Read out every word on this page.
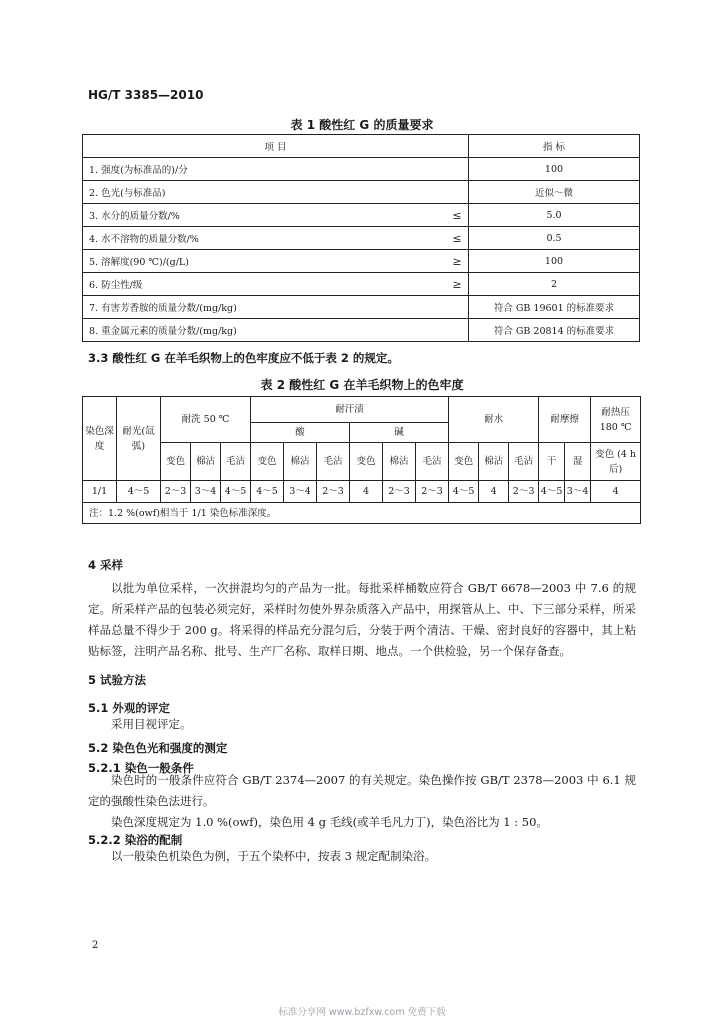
HG/T 3385—2010
表 1 酸性红 G 的质量要求
项 目		指 标
1. 强度(为标准品的)/分		100
2. 色光(与标准品)		近似～微
3. 水分的质量分数/%	≤	5.0
4. 水不溶物的质量分数/%	≤	0.5
5. 溶解度(90 ℃)/(g/L)	≥	100
6. 防尘性/级	≥	2
7. 有害芳香胺的质量分数/(mg/kg)		符合 GB 19601 的标准要求
8. 重金属元素的质量分数/(mg/kg)		符合 GB 20814 的标准要求
3.3 酸性红 G 在羊毛织物上的色牢度应不低于表 2 的规定。
表 2 酸性红 G 在羊毛织物上的色牢度
染色深度	耐光(氙弧)	耐洗 50 ℃			耐汗渍						耐水			耐摩擦		耐热压 180 ℃
					酸			碱								
		变色	棉沾	毛沾	变色	棉沾	毛沾	变色	棉沾	毛沾	变色	棉沾	毛沾	干	湿	变色 (4 h后)
1/1	4～5	2～3	3～4	4～5	4～5	3～4	2～3	4	2～3	2～3	4～5	4	2～3	4～5	3～4	4
注：1.2 %(owf)相当于 1/1 染色标准深度。																
4 采样

以批为单位采样，一次拼混均匀的产品为一批。每批采样桶数应符合 GB/T 6678—2003 中 7.6 的规定。所采样产品的包装必须完好，采样时勿使外界杂质落入产品中，用探管从上、中、下三部分采样，所采样品总量不得少于 200 g。将采得的样品充分混匀后，分装于两个清洁、干燥、密封良好的容器中，其上粘贴标签，注明产品名称、批号、生产厂名称、取样日期、地点。一个供检验，另一个保存备查。

5 试验方法
5.1 外观的评定

采用目视评定。

5.2 染色色光和强度的测定
5.2.1 染色一般条件

染色时的一般条件应符合 GB/T 2374—2007 的有关规定。染色操作按 GB/T 2378—2003 中 6.1 规定的强酸性染色法进行。

染色深度规定为 1.0 %(owf)，染色用 4 g 毛线(或羊毛凡力丁)，染色浴比为 1 : 50。

5.2.2 染浴的配制

以一般染色机染色为例，于五个染杯中，按表 3 规定配制染浴。

2
标准分享网 www.bzfxw.com 免费下载
